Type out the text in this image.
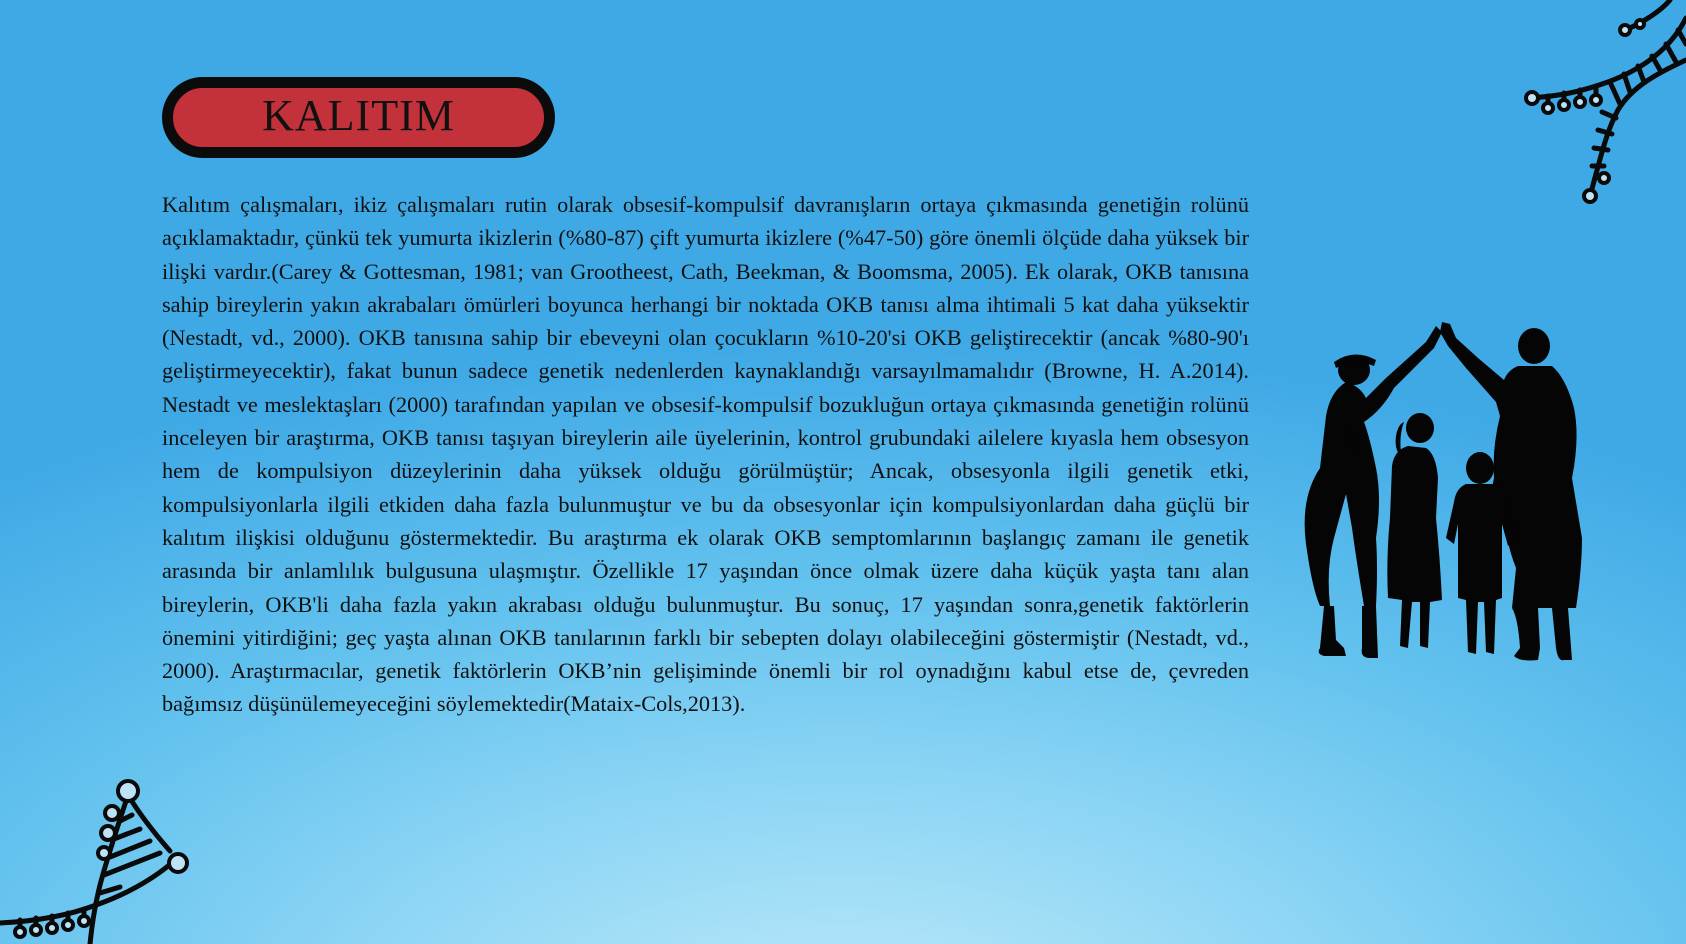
KALITIM

Kalıtım çalışmaları, ikiz çalışmaları rutin olarak obsesif-kompulsif davranışların ortaya çıkmasında genetiğin rolünü açıklamaktadır, çünkü tek yumurta ikizlerin (%80-87) çift yumurta ikizlere (%47-50) göre önemli ölçüde daha yüksek bir ilişki vardır.(Carey & Gottesman, 1981; van Grootheest, Cath, Beekman, & Boomsma, 2005). Ek olarak, OKB tanısına sahip bireylerin yakın akrabaları ömürleri boyunca herhangi bir noktada OKB tanısı alma ihtimali 5 kat daha yüksektir (Nestadt, vd., 2000). OKB tanısına sahip bir ebeveyni olan çocukların %10-20'si OKB geliştirecektir (ancak %80-90'ı geliştirmeyecektir), fakat bunun sadece genetik nedenlerden kaynaklandığı varsayılmamalıdır (Browne, H. A.2014). Nestadt ve meslektaşları (2000) tarafından yapılan ve obsesif-kompulsif bozukluğun ortaya çıkmasında genetiğin rolünü inceleyen bir araştırma, OKB tanısı taşıyan bireylerin aile üyelerinin, kontrol grubundaki ailelere kıyasla hem obsesyon hem de kompulsiyon düzeylerinin daha yüksek olduğu görülmüştür; Ancak, obsesyonla ilgili genetik etki, kompulsiyonlarla ilgili etkiden daha fazla bulunmuştur ve bu da obsesyonlar için kompulsiyonlardan daha güçlü bir kalıtım ilişkisi olduğunu göstermektedir. Bu araştırma ek olarak OKB semptomlarının başlangıç zamanı ile genetik arasında bir anlamlılık bulgusuna ulaşmıştır. Özellikle 17 yaşından önce olmak üzere daha küçük yaşta tanı alan bireylerin, OKB'li daha fazla yakın akrabası olduğu bulunmuştur. Bu sonuç, 17 yaşından sonra,genetik faktörlerin önemini yitirdiğini; geç yaşta alınan OKB tanılarının farklı bir sebepten dolayı olabileceğini göstermiştir (Nestadt, vd., 2000). Araştırmacılar, genetik faktörlerin OKB’nin gelişiminde önemli bir rol oynadığını kabul etse de, çevreden bağımsız düşünülemeyeceğini söylemektedir(Mataix-Cols,2013).
